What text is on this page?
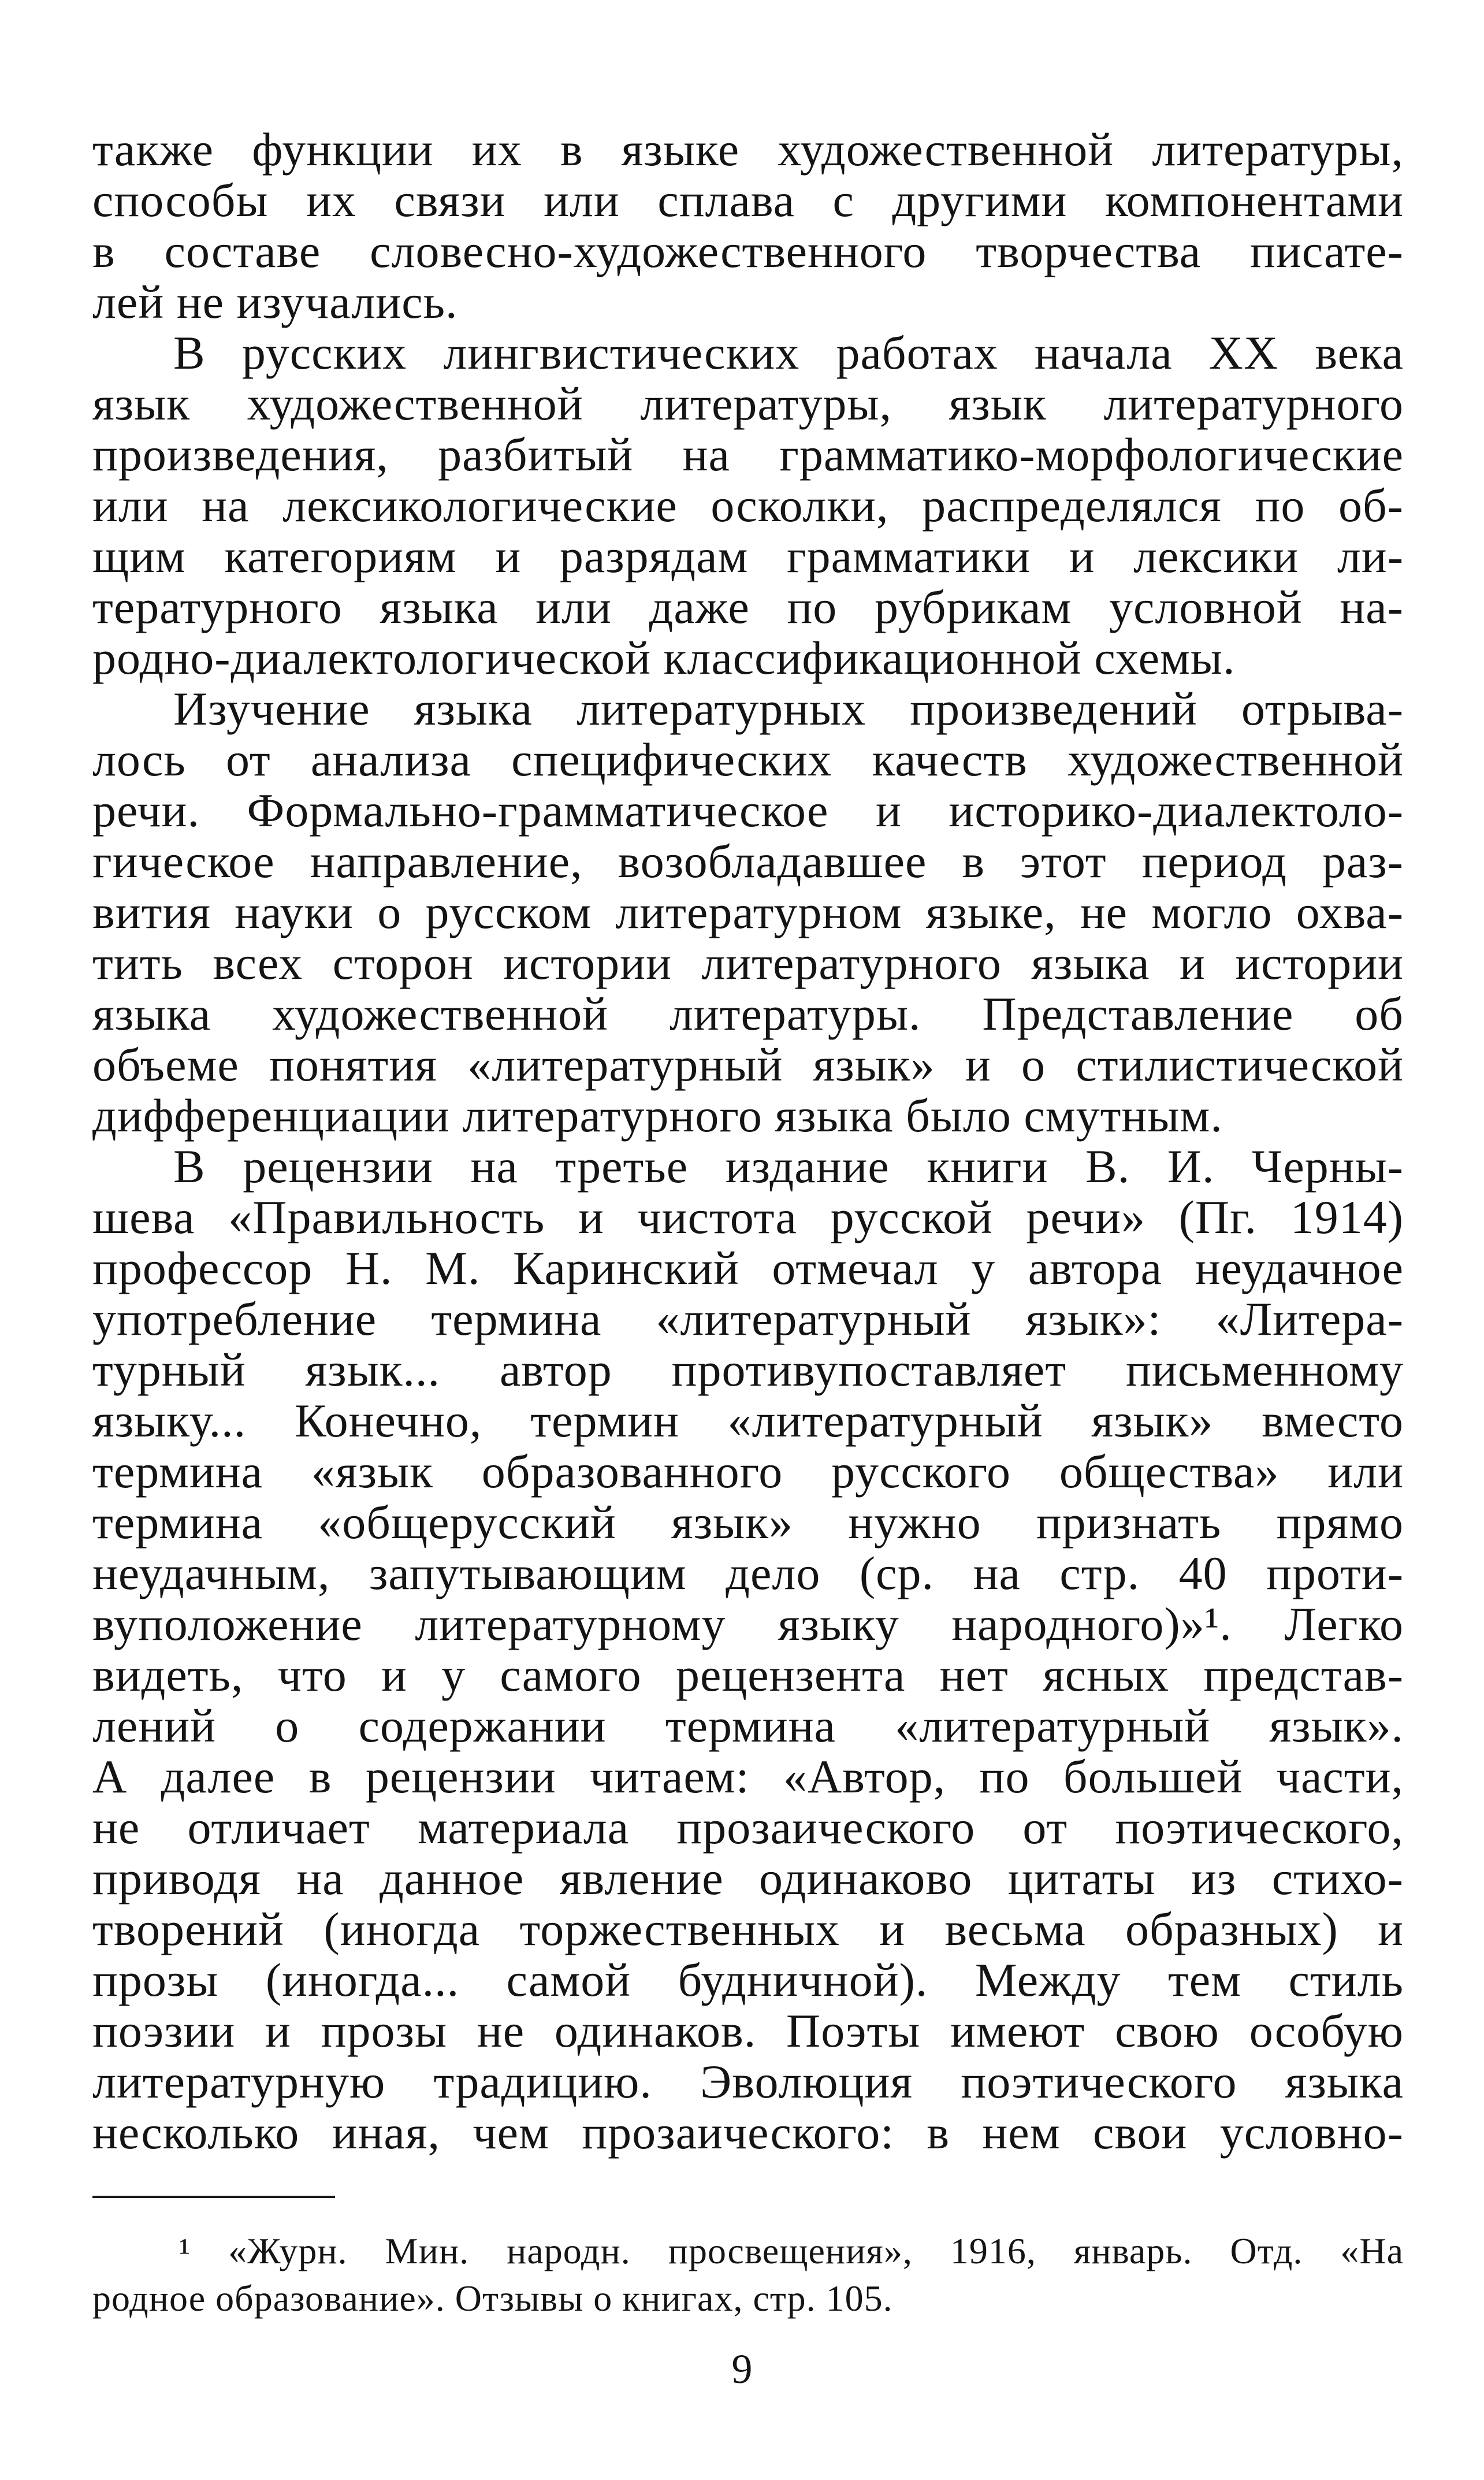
также функции их в языке художественной литературы,
способы их связи или сплава с другими компонентами
в составе словесно-художественного творчества писате-
лей не изучались.
В русских лингвистических работах начала XX века
язык художественной литературы, язык литературного
произведения, разбитый на грамматико-морфологические
или на лексикологические осколки, распределялся по об-
щим категориям и разрядам грамматики и лексики ли-
тературного языка или даже по рубрикам условной на-
родно-диалектологической классификационной схемы.
Изучение языка литературных произведений отрыва-
лось от анализа специфических качеств художественной
речи. Формально-грамматическое и историко-диалектоло-
гическое направление, возобладавшее в этот период раз-
вития науки о русском литературном языке, не могло охва-
тить всех сторон истории литературного языка и истории
языка художественной литературы. Представление об
объеме понятия «литературный язык» и о стилистической
дифференциации литературного языка было смутным.
В рецензии на третье издание книги В. И. Черны-
шева «Правильность и чистота русской речи» (Пг. 1914)
профессор Н. М. Каринский отмечал у автора неудачное
употребление термина «литературный язык»: «Литера-
турный язык... автор противупоставляет письменному
языку... Конечно, термин «литературный язык» вместо
термина «язык образованного русского общества» или
термина «общерусский язык» нужно признать прямо
неудачным, запутывающим дело (ср. на стр. 40 проти-
вуположение литературному языку народного)»¹. Легко
видеть, что и у самого рецензента нет ясных представ-
лений о содержании термина «литературный язык».
А далее в рецензии читаем: «Автор, по большей части,
не отличает материала прозаического от поэтического,
приводя на данное явление одинаково цитаты из стихо-
творений (иногда торжественных и весьма образных) и
прозы (иногда... самой будничной). Между тем стиль
поэзии и прозы не одинаков. Поэты имеют свою особую
литературную традицию. Эволюция поэтического языка
несколько иная, чем прозаического: в нем свои условно-
¹ «Журн. Мин. народн. просвещения», 1916, январь. Отд. «На
родное образование». Отзывы о книгах, стр. 105.
9
